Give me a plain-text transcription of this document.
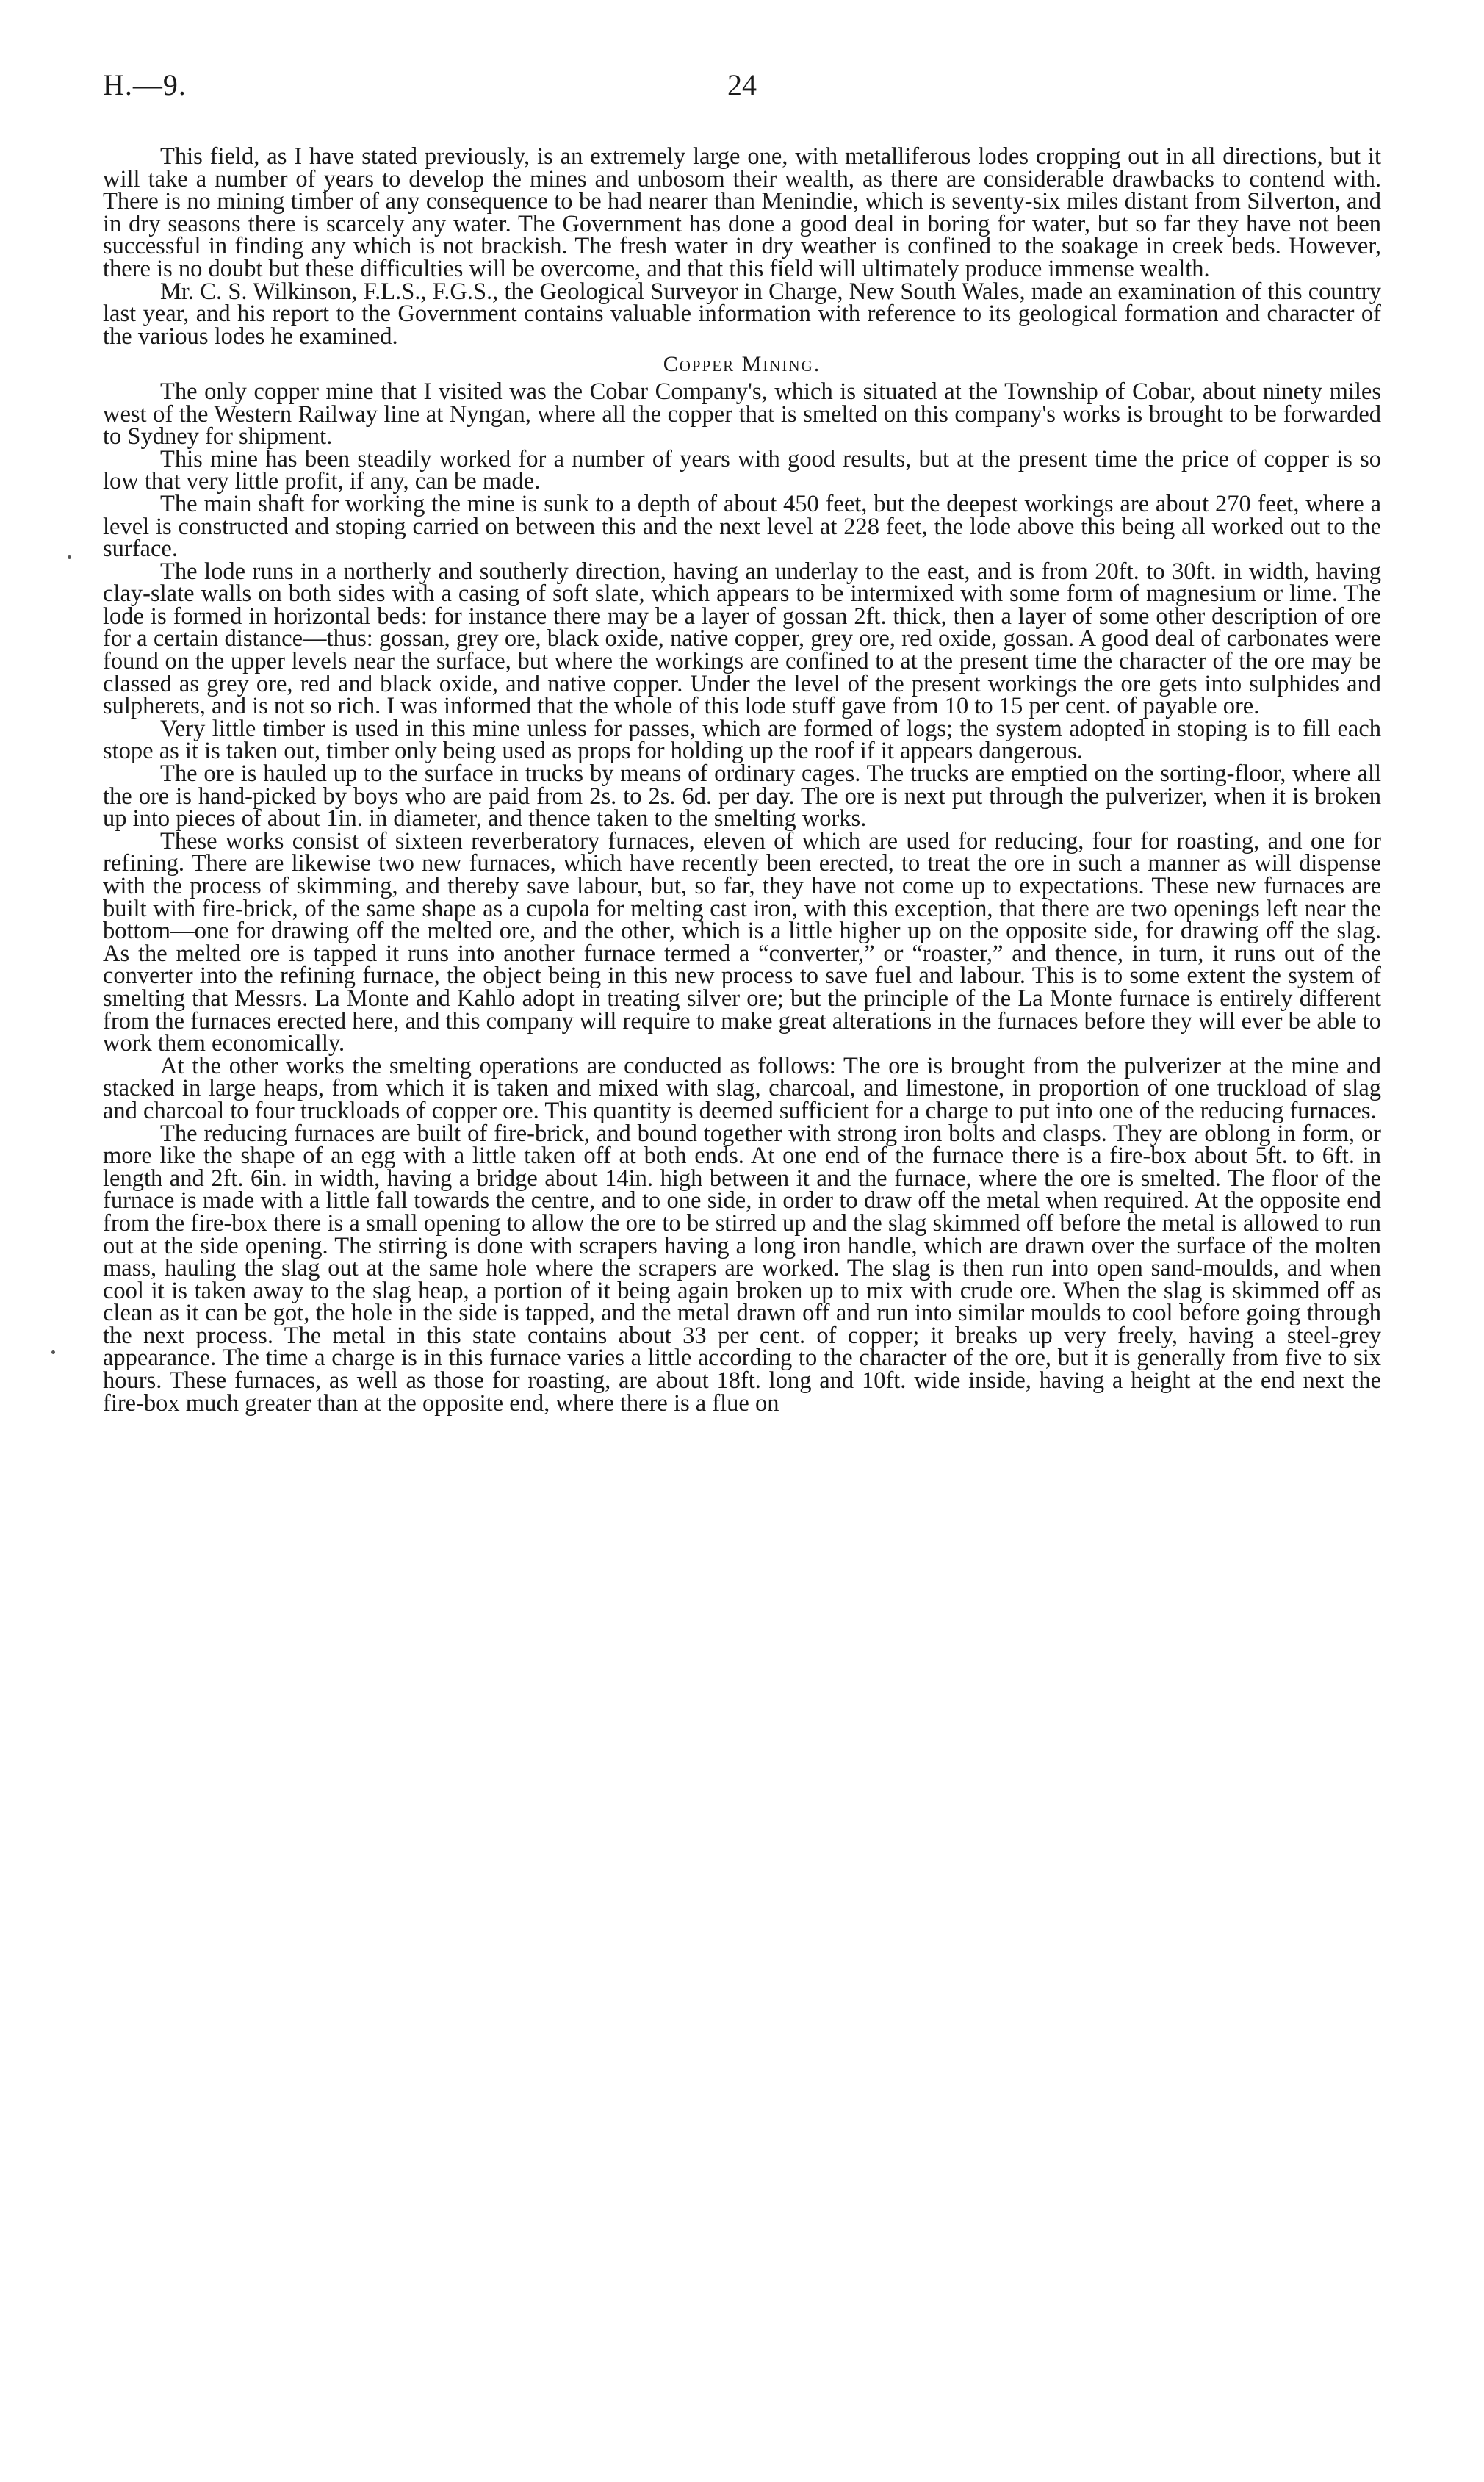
H.—9.	24

This field, as I have stated previously, is an extremely large one, with metalliferous lodes cropping out in all directions, but it will take a number of years to develop the mines and unbosom their wealth, as there are considerable drawbacks to contend with. There is no mining timber of any consequence to be had nearer than Menindie, which is seventy-six miles distant from Silverton, and in dry seasons there is scarcely any water. The Government has done a good deal in boring for water, but so far they have not been successful in finding any which is not brackish. The fresh water in dry weather is confined to the soakage in creek beds. However, there is no doubt but these difficulties will be overcome, and that this field will ultimately produce immense wealth.

Mr. C. S. Wilkinson, F.L.S., F.G.S., the Geological Surveyor in Charge, New South Wales, made an examination of this country last year, and his report to the Government contains valuable information with reference to its geological formation and character of the various lodes he examined.

Copper Mining.

The only copper mine that I visited was the Cobar Company's, which is situated at the Township of Cobar, about ninety miles west of the Western Railway line at Nyngan, where all the copper that is smelted on this company's works is brought to be forwarded to Sydney for shipment.

This mine has been steadily worked for a number of years with good results, but at the present time the price of copper is so low that very little profit, if any, can be made.

The main shaft for working the mine is sunk to a depth of about 450 feet, but the deepest workings are about 270 feet, where a level is constructed and stoping carried on between this and the next level at 228 feet, the lode above this being all worked out to the surface.

The lode runs in a northerly and southerly direction, having an underlay to the east, and is from 20ft. to 30ft. in width, having clay-slate walls on both sides with a casing of soft slate, which appears to be intermixed with some form of magnesium or lime. The lode is formed in horizontal beds: for instance there may be a layer of gossan 2ft. thick, then a layer of some other description of ore for a certain distance—thus: gossan, grey ore, black oxide, native copper, grey ore, red oxide, gossan. A good deal of carbonates were found on the upper levels near the surface, but where the workings are confined to at the present time the character of the ore may be classed as grey ore, red and black oxide, and native copper. Under the level of the present workings the ore gets into sulphides and sulpherets, and is not so rich. I was informed that the whole of this lode stuff gave from 10 to 15 per cent. of payable ore.

Very little timber is used in this mine unless for passes, which are formed of logs; the system adopted in stoping is to fill each stope as it is taken out, timber only being used as props for holding up the roof if it appears dangerous.

The ore is hauled up to the surface in trucks by means of ordinary cages. The trucks are emptied on the sorting-floor, where all the ore is hand-picked by boys who are paid from 2s. to 2s. 6d. per day. The ore is next put through the pulverizer, when it is broken up into pieces of about 1in. in diameter, and thence taken to the smelting works.

These works consist of sixteen reverberatory furnaces, eleven of which are used for reducing, four for roasting, and one for refining. There are likewise two new furnaces, which have recently been erected, to treat the ore in such a manner as will dispense with the process of skimming, and thereby save labour, but, so far, they have not come up to expectations. These new furnaces are built with fire-brick, of the same shape as a cupola for melting cast iron, with this exception, that there are two openings left near the bottom—one for drawing off the melted ore, and the other, which is a little higher up on the opposite side, for drawing off the slag. As the melted ore is tapped it runs into another furnace termed a “converter,” or “roaster,” and thence, in turn, it runs out of the converter into the refining furnace, the object being in this new process to save fuel and labour. This is to some extent the system of smelting that Messrs. La Monte and Kahlo adopt in treating silver ore; but the principle of the La Monte furnace is entirely different from the furnaces erected here, and this company will require to make great alterations in the furnaces before they will ever be able to work them economically.

At the other works the smelting operations are conducted as follows: The ore is brought from the pulverizer at the mine and stacked in large heaps, from which it is taken and mixed with slag, charcoal, and limestone, in proportion of one truckload of slag and charcoal to four truckloads of copper ore. This quantity is deemed sufficient for a charge to put into one of the reducing furnaces.

The reducing furnaces are built of fire-brick, and bound together with strong iron bolts and clasps. They are oblong in form, or more like the shape of an egg with a little taken off at both ends. At one end of the furnace there is a fire-box about 5ft. to 6ft. in length and 2ft. 6in. in width, having a bridge about 14in. high between it and the furnace, where the ore is smelted. The floor of the furnace is made with a little fall towards the centre, and to one side, in order to draw off the metal when required. At the opposite end from the fire-box there is a small opening to allow the ore to be stirred up and the slag skimmed off before the metal is allowed to run out at the side opening. The stirring is done with scrapers having a long iron handle, which are drawn over the surface of the molten mass, hauling the slag out at the same hole where the scrapers are worked. The slag is then run into open sand-moulds, and when cool it is taken away to the slag heap, a portion of it being again broken up to mix with crude ore. When the slag is skimmed off as clean as it can be got, the hole in the side is tapped, and the metal drawn off and run into similar moulds to cool before going through the next process. The metal in this state contains about 33 per cent. of copper; it breaks up very freely, having a steel-grey appearance. The time a charge is in this furnace varies a little according to the character of the ore, but it is generally from five to six hours. These furnaces, as well as those for roasting, are about 18ft. long and 10ft. wide inside, having a height at the end next the fire-box much greater than at the opposite end, where there is a flue on
